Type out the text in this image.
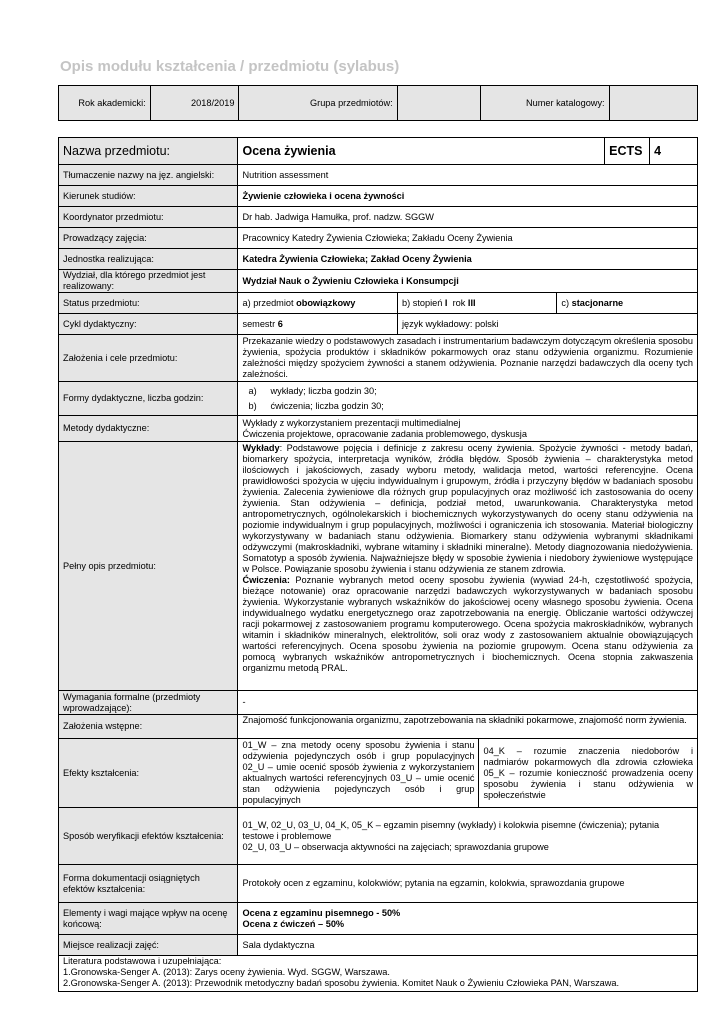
Opis modułu kształcenia / przedmiotu (sylabus)
Rok akademicki:	2018/2019	Grupa przedmiotów:		Numer katalogowy:	
Nazwa przedmiotu:	Ocena żywienia	ECTS	4
Tłumaczenie nazwy na jęz. angielski:	Nutrition assessment
Kierunek studiów:	Żywienie człowieka i ocena żywności
Koordynator przedmiotu:	Dr hab. Jadwiga Hamułka, prof. nadzw. SGGW
Prowadzący zajęcia:	Pracownicy Katedry Żywienia Człowieka; Zakładu Oceny Żywienia
Jednostka realizująca:	Katedra Żywienia Człowieka; Zakład Oceny Żywienia
Wydział, dla którego przedmiot jest realizowany:	Wydział Nauk o Żywieniu Człowieka i Konsumpcji
Status przedmiotu:	a) przedmiot obowiązkowy	b) stopień I rok III	c) stacjonarne
Cykl dydaktyczny:	semestr 6	język wykładowy: polski
Założenia i cele przedmiotu:	Przekazanie wiedzy o podstawowych zasadach i instrumentarium badawczym dotyczącym określenia sposobu żywienia, spożycia produktów i składników pokarmowych oraz stanu odżywienia organizmu. Rozumienie zależności między spożyciem żywności a stanem odżywienia. Poznanie narzędzi badawczych dla oceny tych zależności.
Formy dydaktyczne, liczba godzin:	
a)	wykłady; liczba godzin 30;
b)	ćwiczenia; liczba godzin 30;

Metody dydaktyczne:	
Wykłady z wykorzystaniem prezentacji multimedialnej
Ćwiczenia projektowe, opracowanie zadania problemowego, dyskusja

Pełny opis przedmiotu:	Wykłady: Podstawowe pojęcia i definicje z zakresu oceny żywienia. Spożycie żywności - metody badań, biomarkery spożycia, interpretacja wyników, źródła błędów. Sposób żywienia – charakterystyka metod ilościowych i jakościowych, zasady wyboru metody, walidacja metod, wartości referencyjne. Ocena prawidłowości spożycia w ujęciu indywidualnym i grupowym, źródła i przyczyny błędów w badaniach sposobu żywienia. Zalecenia żywieniowe dla różnych grup populacyjnych oraz możliwość ich zastosowania do oceny żywienia. Stan odżywienia – definicja, podział metod, uwarunkowania. Charakterystyka metod antropometrycznych, ogólnolekarskich i biochemicznych wykorzystywanych do oceny stanu odżywienia na poziomie indywidualnym i grup populacyjnych, możliwości i ograniczenia ich stosowania. Materiał biologiczny wykorzystywany w badaniach stanu odżywienia. Biomarkery stanu odżywienia wybranymi składnikami odżywczymi (makroskładniki, wybrane witaminy i składniki mineralne). Metody diagnozowania niedożywienia. Somatotyp a sposób żywienia. Najważniejsze błędy w sposobie żywienia i niedobory żywieniowe występujące w Polsce. Powiązanie sposobu żywienia i stanu odżywienia ze stanem zdrowia.
Ćwiczenia: Poznanie wybranych metod oceny sposobu żywienia (wywiad 24-h, częstotliwość spożycia, bieżące notowanie) oraz opracowanie narzędzi badawczych wykorzystywanych w badaniach sposobu żywienia. Wykorzystanie wybranych wskaźników do jakościowej oceny własnego sposobu żywienia. Ocena indywidualnego wydatku energetycznego oraz zapotrzebowania na energię. Obliczanie wartości odżywczej racji pokarmowej z zastosowaniem programu komputerowego. Ocena spożycia makroskładników, wybranych witamin i składników mineralnych, elektrolitów, soli oraz wody z zastosowaniem aktualnie obowiązujących wartości referencyjnych. Ocena sposobu żywienia na poziomie grupowym. Ocena stanu odżywienia za pomocą wybranych wskaźników antropometrycznych i biochemicznych. Ocena stopnia zakwaszenia organizmu metodą PRAL.
Wymagania formalne (przedmioty wprowadzające):	-
Założenia wstępne:	Znajomość funkcjonowania organizmu, zapotrzebowania na składniki pokarmowe, znajomość norm żywienia.
Efekty kształcenia:	
01_W – zna metody oceny sposobu żywienia i stanu odżywienia pojedynczych osób i grup populacyjnych 02_U – umie ocenić sposób żywienia z wykorzystaniem aktualnych wartości referencyjnych 03_U – umie ocenić stan odżywienia pojedynczych osób i grup populacyjnych	04_K – rozumie znaczenia niedoborów i nadmiarów pokarmowych dla zdrowia człowieka 05_K – rozumie konieczność prowadzenia oceny sposobu żywienia i stanu odżywienia w społeczeństwie

Sposób weryfikacji efektów kształcenia:	
01_W, 02_U, 03_U, 04_K, 05_K – egzamin pisemny (wykłady) i kolokwia pisemne (ćwiczenia); pytania testowe i problemowe
02_U, 03_U – obserwacja aktywności na zajęciach; sprawozdania grupowe

Forma dokumentacji osiągniętych efektów kształcenia:	Protokoły ocen z egzaminu, kolokwiów; pytania na egzamin, kolokwia, sprawozdania grupowe
Elementy i wagi mające wpływ na ocenę końcową:	
Ocena z egzaminu pisemnego - 50%
Ocena z ćwiczeń – 50%

Miejsce realizacji zajęć:	Sala dydaktyczna

Literatura podstawowa i uzupełniająca:
1.Gronowska-Senger A. (2013): Zarys oceny żywienia. Wyd. SGGW, Warszawa.
2.Gronowska-Senger A. (2013): Przewodnik metodyczny badań sposobu żywienia. Komitet Nauk o Żywieniu Człowieka PAN, Warszawa.
